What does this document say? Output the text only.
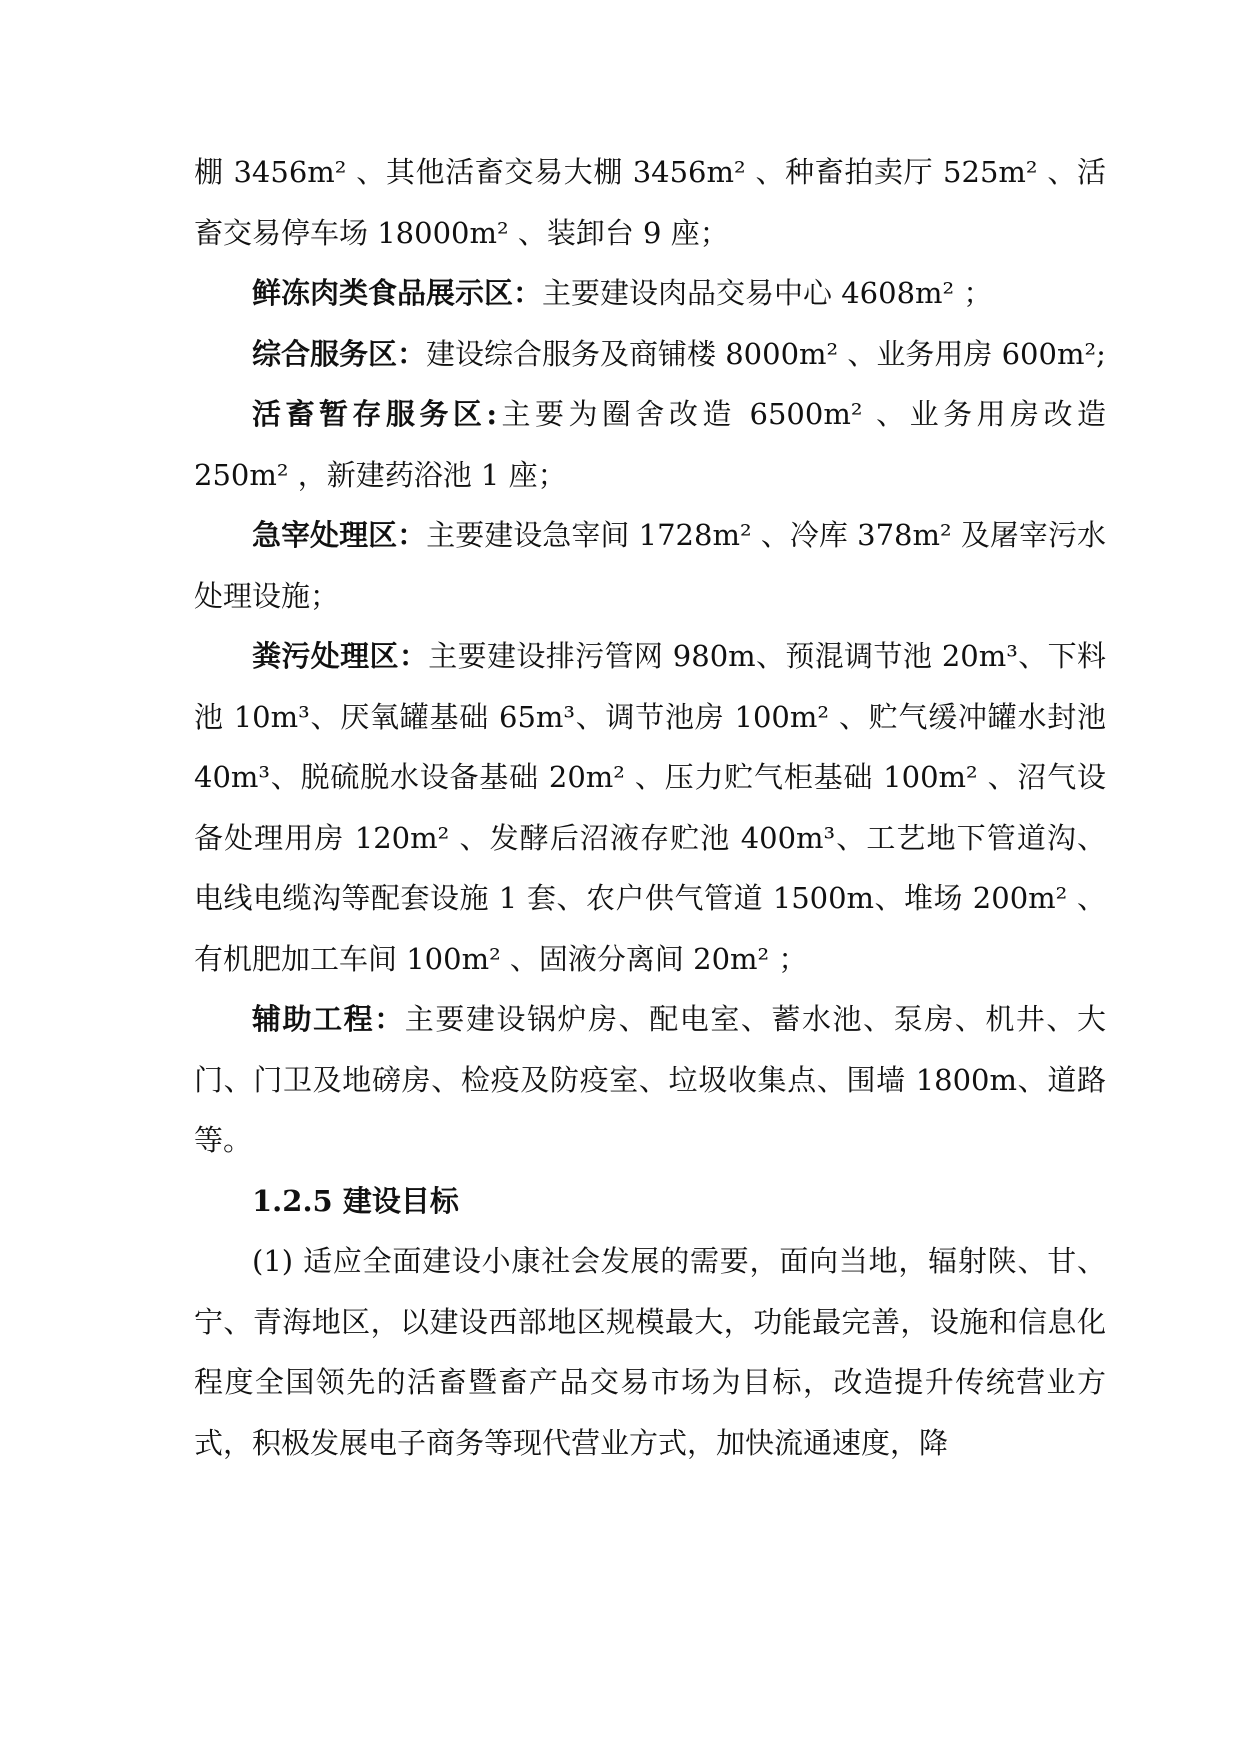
棚 3456m² 、其他活畜交易大棚 3456m² 、种畜拍卖厅 525m² 、活畜交易停车场 18000m² 、装卸台 9 座；

鲜冻肉类食品展示区：主要建设肉品交易中心 4608m² ；

综合服务区：建设综合服务及商铺楼 8000m² 、业务用房 600m²;

活畜暂存服务区:主要为圈舍改造 6500m² 、业务用房改造 250m² ，新建药浴池 1 座；

急宰处理区：主要建设急宰间 1728m² 、冷库 378m² 及屠宰污水处理设施；

粪污处理区：主要建设排污管网 980m、预混调节池 20m³、下料池 10m³、厌氧罐基础 65m³、调节池房 100m² 、贮气缓冲罐水封池 40m³、脱硫脱水设备基础 20m² 、压力贮气柜基础 100m² 、沼气设备处理用房 120m² 、发酵后沼液存贮池 400m³、工艺地下管道沟、电线电缆沟等配套设施 1 套、农户供气管道 1500m、堆场 200m² 、有机肥加工车间 100m² 、固液分离间 20m² ；

辅助工程：主要建设锅炉房、配电室、蓄水池、泵房、机井、大门、门卫及地磅房、检疫及防疫室、垃圾收集点、围墙 1800m、道路等。

1.2.5 建设目标

(1) 适应全面建设小康社会发展的需要，面向当地，辐射陕、甘、宁、青海地区，以建设西部地区规模最大，功能最完善，设施和信息化程度全国领先的活畜暨畜产品交易市场为目标，改造提升传统营业方式，积极发展电子商务等现代营业方式，加快流通速度，降
